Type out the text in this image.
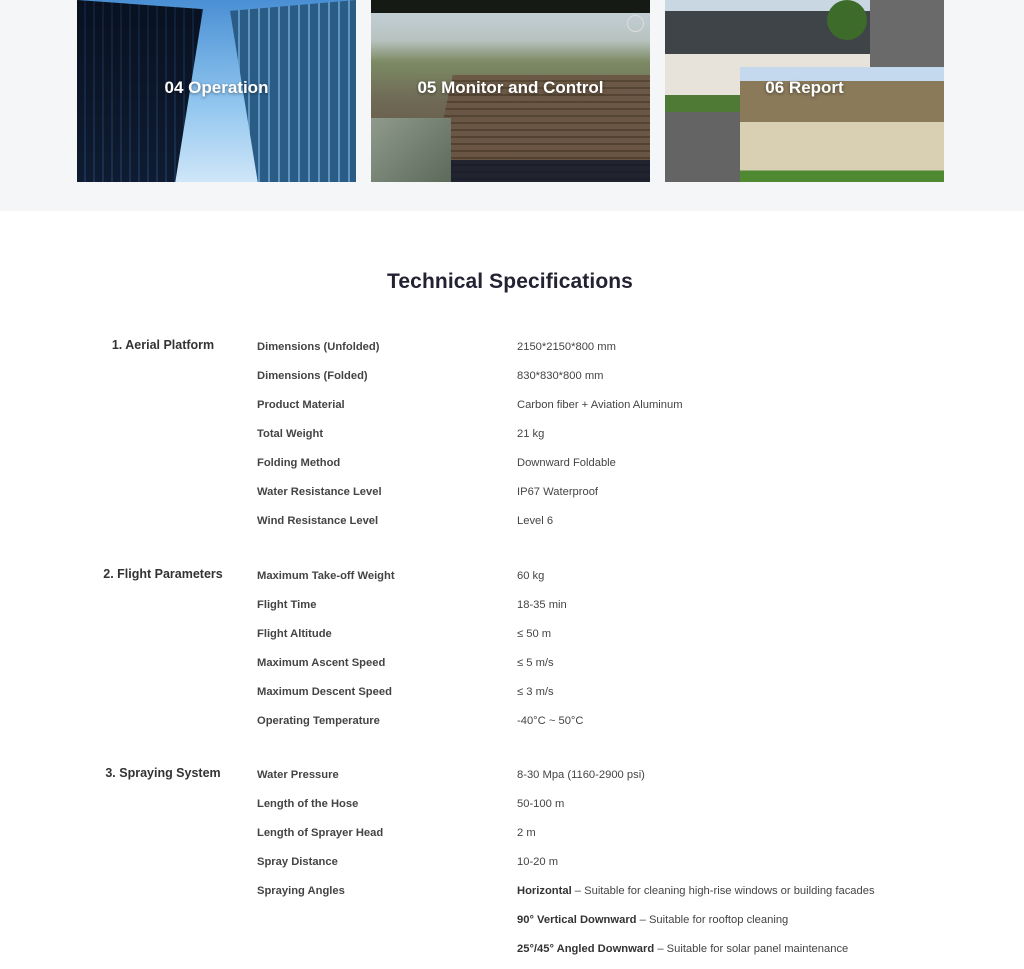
04 Operation	05 Monitor and Control	06 Report
Technical Specifications
1. Aerial Platform	Dimensions (Unfolded)	2150*2150*800 mm
Dimensions (Folded)	830*830*800 mm
Product Material	Carbon fiber + Aviation Aluminum
Total Weight	21 kg
Folding Method	Downward Foldable
Water Resistance Level	IP67 Waterproof
Wind Resistance Level	Level 6
2. Flight Parameters	Maximum Take-off Weight	60 kg
Flight Time	18-35 min
Flight Altitude	≤ 50 m
Maximum Ascent Speed	≤ 5 m/s
Maximum Descent Speed	≤ 3 m/s
Operating Temperature	-40°C ~ 50°C
3. Spraying System	Water Pressure	8-30 Mpa (1160-2900 psi)
Length of the Hose	50-100 m
Length of Sprayer Head	2 m
Spray Distance	10-20 m
Spraying Angles	Horizontal – Suitable for cleaning high-rise windows or building facades
90° Vertical Downward – Suitable for rooftop cleaning
25°/45° Angled Downward – Suitable for solar panel maintenance
